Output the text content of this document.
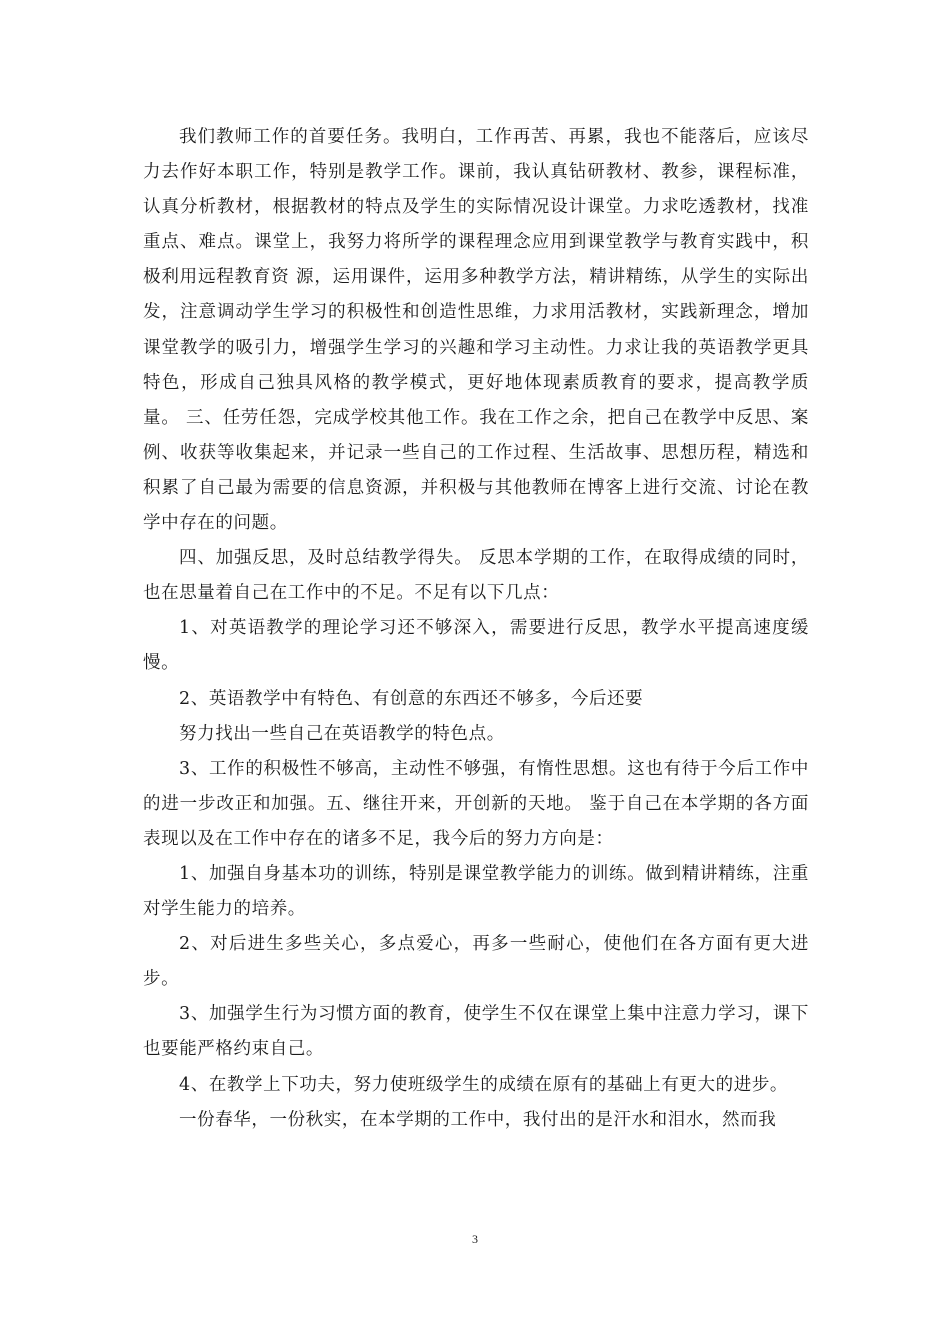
我们教师工作的首要任务。我明白，工作再苦、再累，我也不能落后，应该尽力去作好本职工作，特别是教学工作。课前，我认真钻研教材、教参，课程标准，认真分析教材，根据教材的特点及学生的实际情况设计课堂。力求吃透教材，找准重点、难点。课堂上，我努力将所学的课程理念应用到课堂教学与教育实践中，积极利用远程教育资 源，运用课件，运用多种教学方法，精讲精练，从学生的实际出发，注意调动学生学习的积极性和创造性思维，力求用活教材，实践新理念，增加课堂教学的吸引力，增强学生学习的兴趣和学习主动性。力求让我的英语教学更具特色，形成自己独具风格的教学模式，更好地体现素质教育的要求，提高教学质量。 三、任劳任怨，完成学校其他工作。我在工作之余，把自己在教学中反思、案例、收获等收集起来，并记录一些自己的工作过程、生活故事、思想历程，精选和积累了自己最为需要的信息资源，并积极与其他教师在博客上进行交流、讨论在教学中存在的问题。

四、加强反思，及时总结教学得失。 反思本学期的工作，在取得成绩的同时，也在思量着自己在工作中的不足。不足有以下几点：

1、对英语教学的理论学习还不够深入，需要进行反思，教学水平提高速度缓慢。

2、英语教学中有特色、有创意的东西还不够多，今后还要

努力找出一些自己在英语教学的特色点。

3、工作的积极性不够高，主动性不够强，有惰性思想。这也有待于今后工作中的进一步改正和加强。五、继往开来，开创新的天地。 鉴于自己在本学期的各方面表现以及在工作中存在的诸多不足，我今后的努力方向是：

1、加强自身基本功的训练，特别是课堂教学能力的训练。做到精讲精练，注重对学生能力的培养。

2、对后进生多些关心，多点爱心，再多一些耐心，使他们在各方面有更大进步。

3、加强学生行为习惯方面的教育，使学生不仅在课堂上集中注意力学习，课下也要能严格约束自己。

4、在教学上下功夫，努力使班级学生的成绩在原有的基础上有更大的进步。

一份春华，一份秋实，在本学期的工作中，我付出的是汗水和泪水，然而我

3
